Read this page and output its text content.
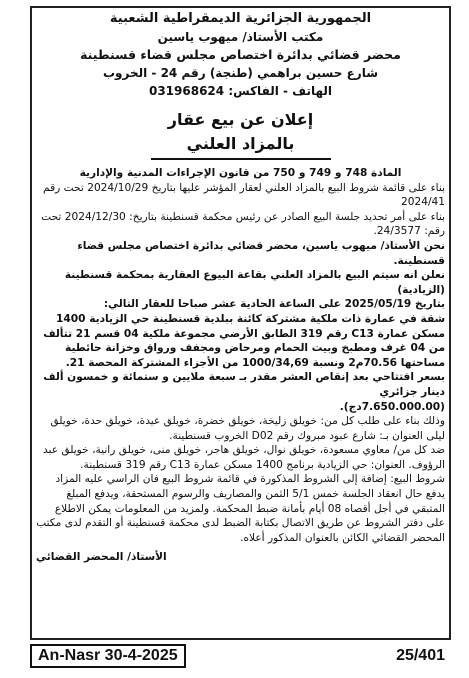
الجمهورية الجزائرية الديمقراطية الشعبية
مكتب الأستاذ/ ميهوب ياسين
محضر قضائي بدائرة اختصاص مجلس قضاء قسنطينة
شارع حسين براهمي (طنجة) رقم 24 - الخروب
الهاتف - الفاكس: 031968624
إعلان عن بيع عقار بالمزاد العلني

المادة 748 و 749 و 750 من قانون الإجراءات المدنية والإدارية

بناء على قائمة شروط البيع بالمزاد العلني لعقار المؤشر عليها بتاريخ 2024/10/29 تحت رقم 2024/41

بناء على أمر تحديد جلسة البيع الصادر عن رئيس محكمة قسنطينة بتاريخ: 2024/12/30 تحت رقم: 24/3577.

نحن الأستاذ/ ميهوب ياسين، محضر قضائي بدائرة اختصاص مجلس قضاء قسنطينة.

نعلن انه سيتم البيع بالمزاد العلني بقاعة البيوع العقارية بمحكمة قسنطينة (الزيادية)

بتاريخ 2025/05/19 على الساعة الحادية عشر صباحا للعقار التالي:

شقة في عمارة ذات ملكية مشتركة كائنة ببلدية قسنطينة حي الزيادية 1400 مسكن عمارة C13 رقم 319 الطابق الأرضي مجموعة ملكية 04 قسم 21 تتألف من 04 غرف ومطبخ وبيت الحمام ومرحاض ومجفف ورواق وخزانة حائطية مساحتها 70.56م2 ونسبة 1000/34,69 من الأجزاء المشتركة المحصة 21.

بسعر افتتاحي بعد إنقاص العشر مقدر بـ سبعة ملايين و ستمائة و خمسون ألف دينار جزائري

(7.650.000.00دج).

وذلك بناء على طلب كل من: خويلق زليخة، خويلق خضرة، خويلق عيدة، خويلق حدة، خويلق ليلى العنوان بـ: شارع عبود مبروك رقم D02 الخروب قسنطينة.

ضد كل من/ معاوي مسعودة، خويلق نوال، خويلق هاجر، خويلق منى، خويلق رانية، خويلق عبد الرؤوف. العنوان: حي الزيادية برنامج 1400 مسكن عمارة C13 رقم 319 قسنطينة.

شروط البيع: إضافة إلى الشروط المذكورة في قائمة شروط البيع فان الراسي عليه المزاد يدفع حال انعقاد الجلسة خمس 5/1 الثمن والمصاريف والرسوم المستحقة، ويدفع المبلغ المتبقي في أجل أقصاه 08 أيام بأمانة ضبط المحكمة. ولمزيد من المعلومات يمكن الاطلاع على دفتر الشروط عن طريق الاتصال بكتابة الضبط لدى محكمة قسنطينة أو التقدم لدى مكتب المحضر القضائي الكائن بالعنوان المذكور أعلاه.

الأستاذ/ المحضر القضائي
An-Nasr 30-4-2025	25/401
